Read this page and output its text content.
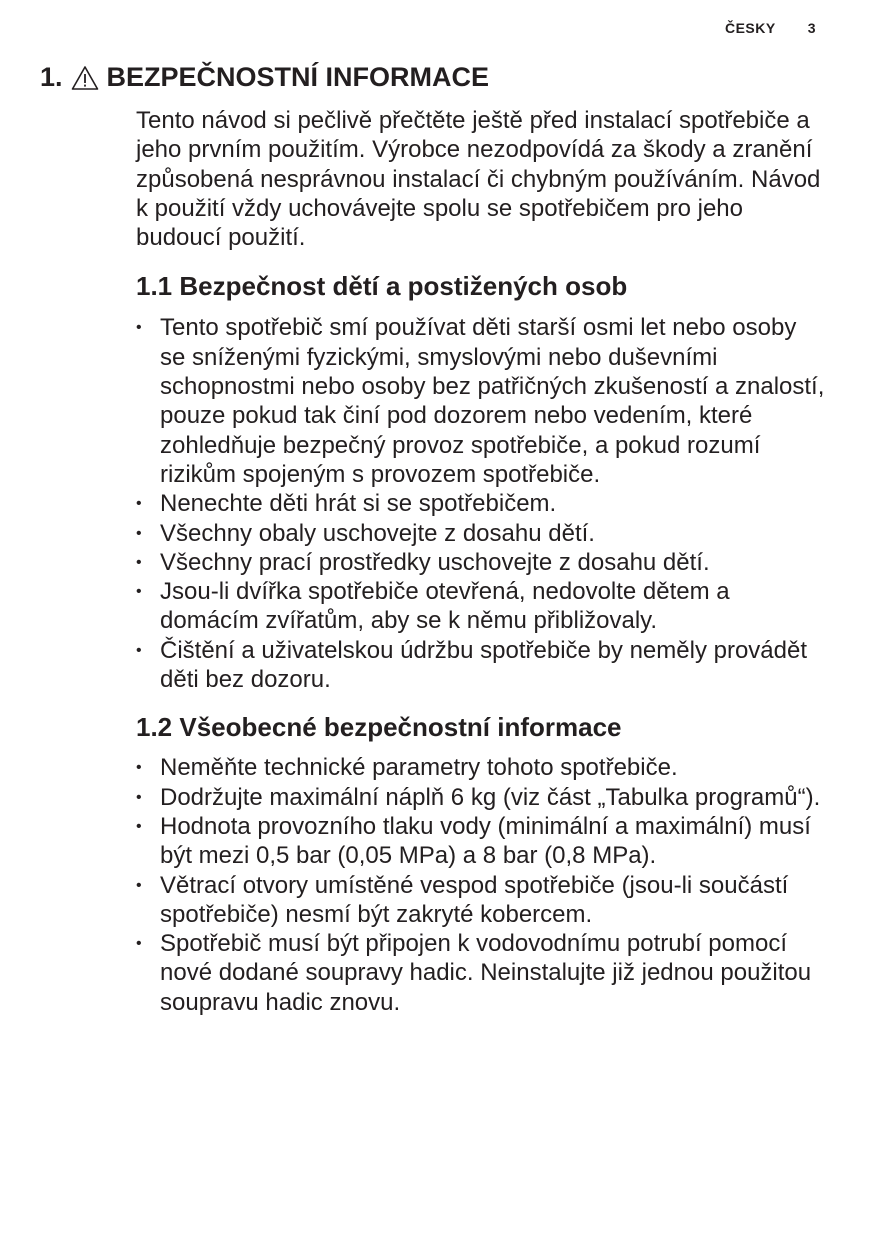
ČESKY 3
1. BEZPEČNOSTNÍ INFORMACE

Tento návod si pečlivě přečtěte ještě před instalací spotřebiče a jeho prvním použitím. Výrobce nezodpovídá za škody a zranění způsobená nesprávnou instalací či chybným používáním. Návod k použití vždy uchovávejte spolu se spotřebičem pro jeho budoucí použití.

1.1 Bezpečnost dětí a postižených osob
• Tento spotřebič smí používat děti starší osmi let nebo osoby se sníženými fyzickými, smyslovými nebo duševními schopnostmi nebo osoby bez patřičných zkušeností a znalostí, pouze pokud tak činí pod dozorem nebo vedením, které zohledňuje bezpečný provoz spotřebiče, a pokud rozumí rizikům spojeným s provozem spotřebiče.
• Nenechte děti hrát si se spotřebičem.
• Všechny obaly uschovejte z dosahu dětí.
• Všechny prací prostředky uschovejte z dosahu dětí.
• Jsou-li dvířka spotřebiče otevřená, nedovolte dětem a domácím zvířatům, aby se k němu přibližovaly.
• Čištění a uživatelskou údržbu spotřebiče by neměly provádět děti bez dozoru.
1.2 Všeobecné bezpečnostní informace
• Neměňte technické parametry tohoto spotřebiče.
• Dodržujte maximální náplň 6 kg (viz část „Tabulka programů“).
• Hodnota provozního tlaku vody (minimální a maximální) musí být mezi 0,5 bar (0,05 MPa) a 8 bar (0,8 MPa).
• Větrací otvory umístěné vespod spotřebiče (jsou-li součástí spotřebiče) nesmí být zakryté kobercem.
• Spotřebič musí být připojen k vodovodnímu potrubí pomocí nové dodané soupravy hadic. Neinstalujte již jednou použitou soupravu hadic znovu.
